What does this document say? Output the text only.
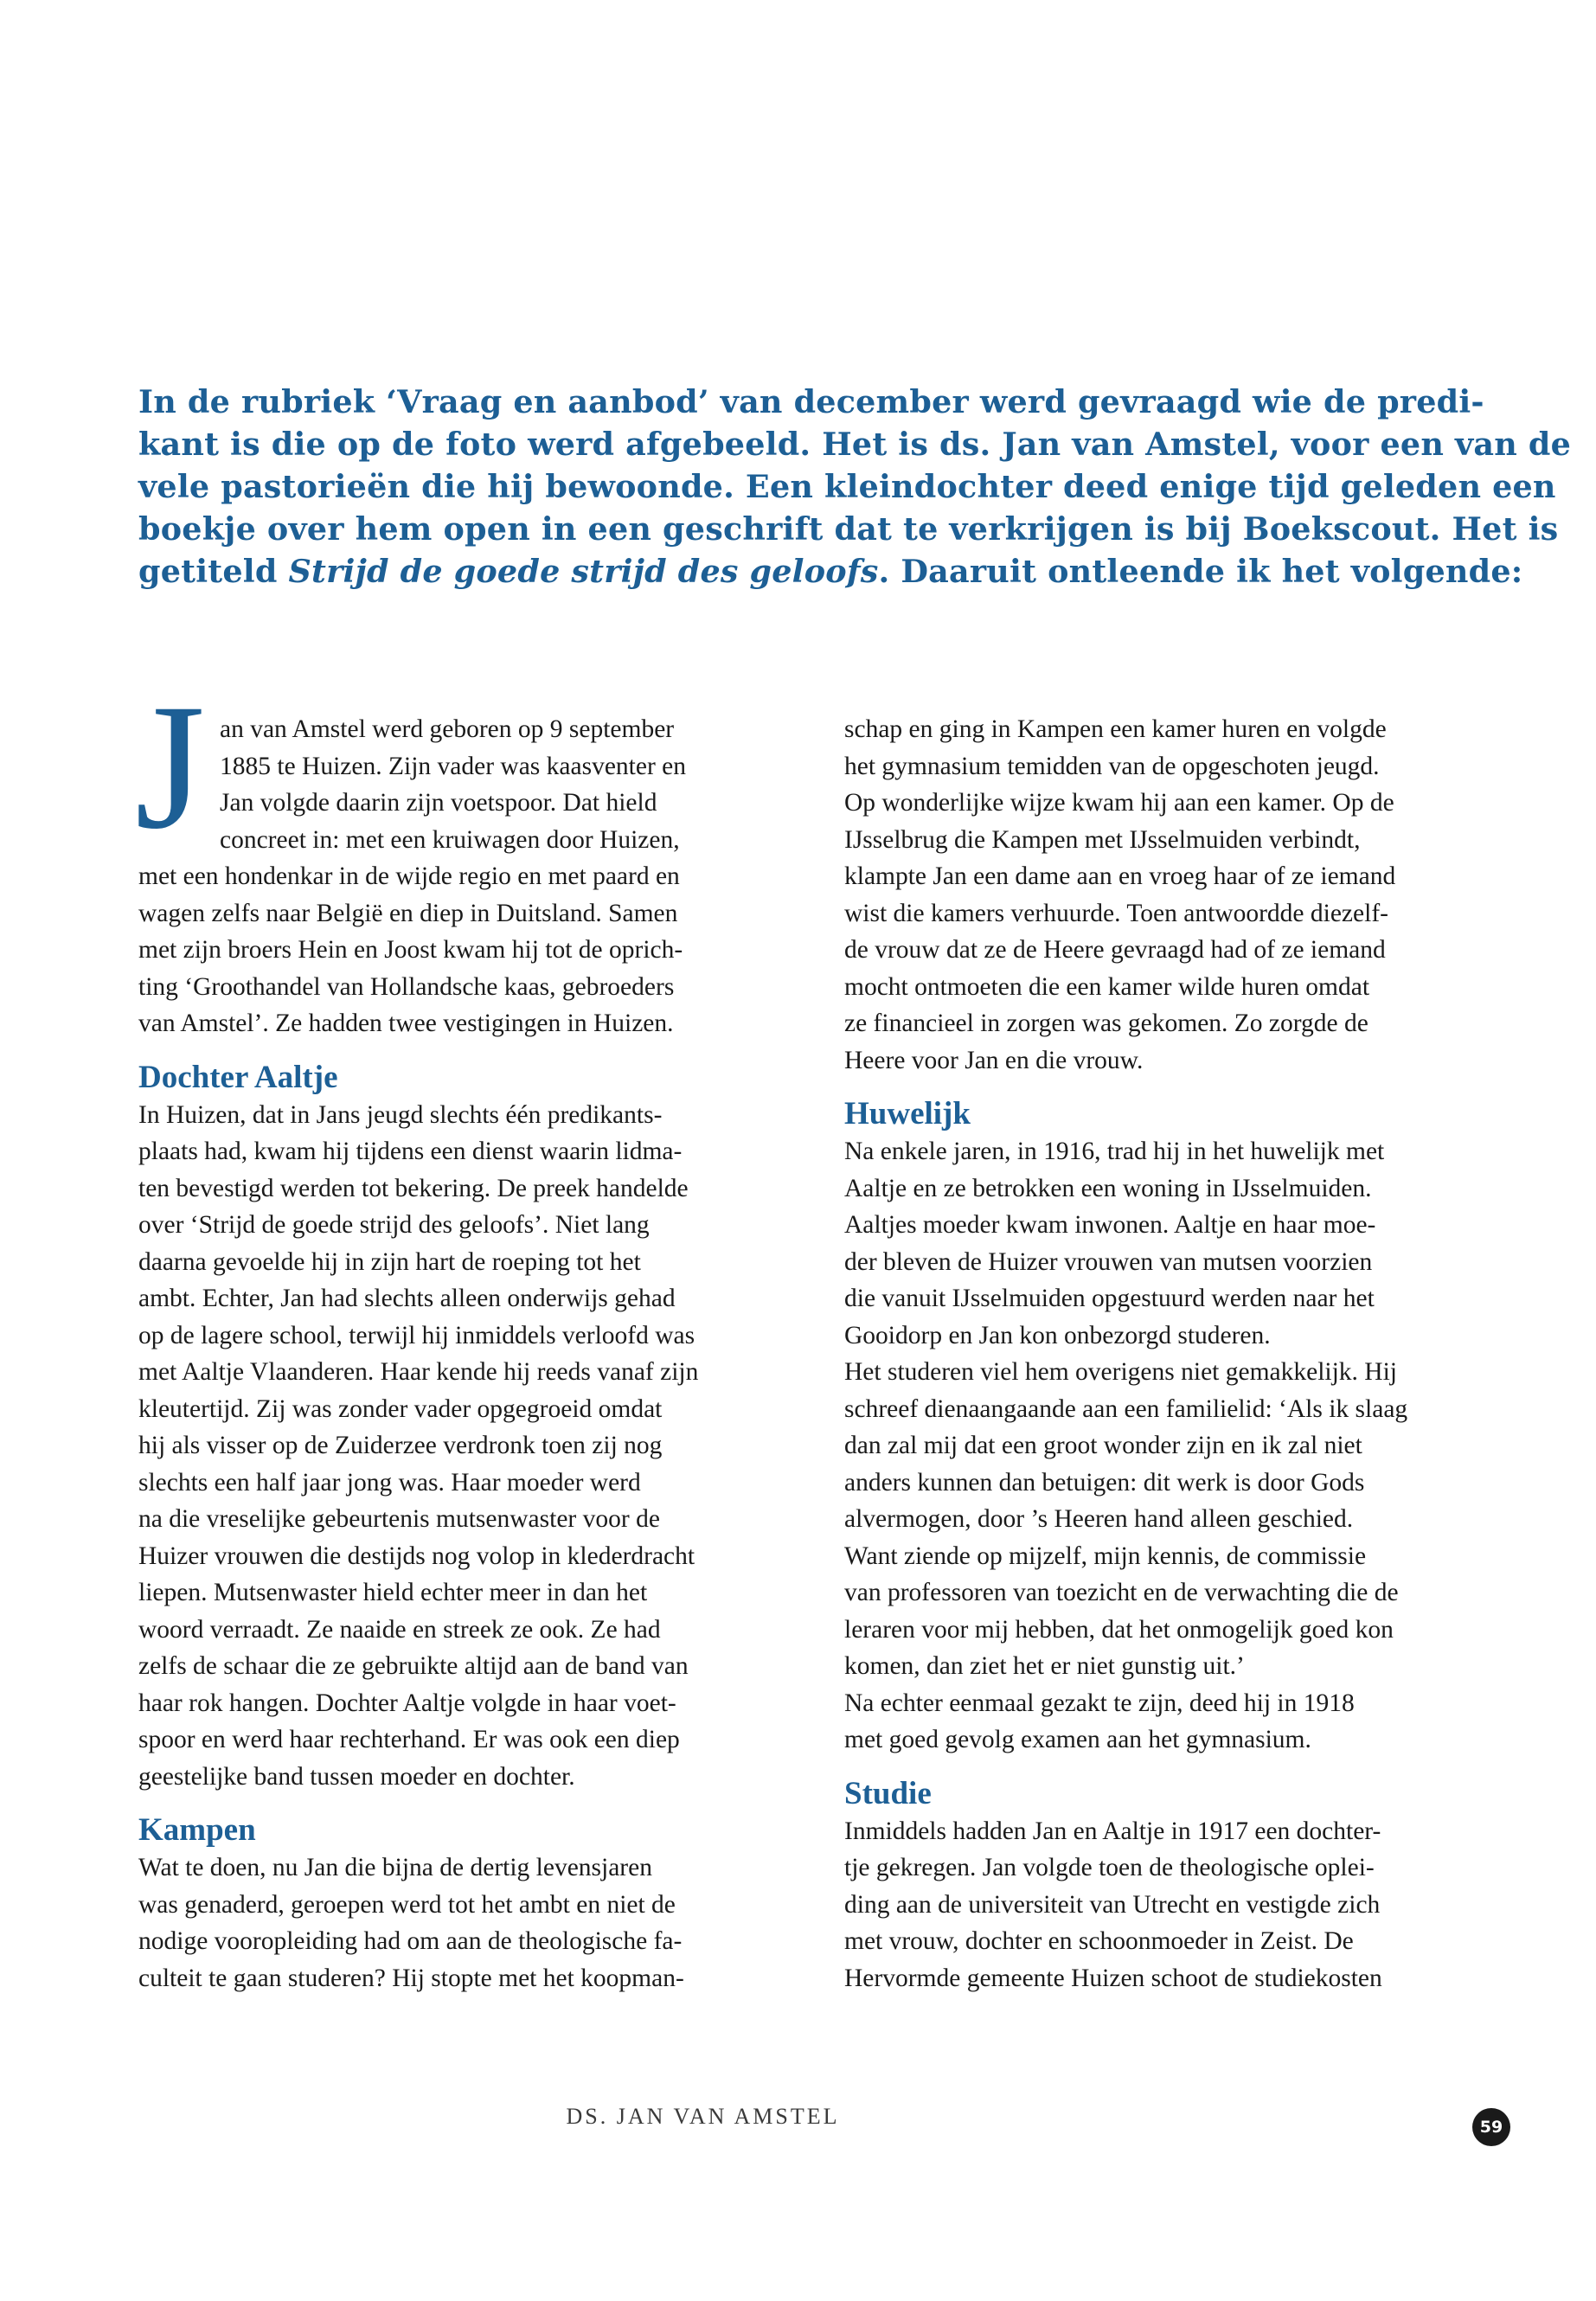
In de rubriek ‘Vraag en aanbod’ van december werd gevraagd wie de predi-
kant is die op de foto werd afgebeeld. Het is ds. Jan van Amstel, voor een van de
vele pastorieën die hij bewoonde. Een kleindochter deed enige tijd geleden een
boekje over hem open in een geschrift dat te verkrijgen is bij Boekscout. Het is
getiteld Strijd de goede strijd des geloofs. Daaruit ontleende ik het volgende:
J an van Amstel werd geboren op 9 september
1885 te Huizen. Zijn vader was kaasventer en
Jan volgde daarin zijn voetspoor. Dat hield
concreet in: met een kruiwagen door Huizen,
met een hondenkar in de wijde regio en met paard en
wagen zelfs naar België en diep in Duitsland. Samen
met zijn broers Hein en Joost kwam hij tot de oprich-
ting ‘Groothandel van Hollandsche kaas, gebroeders
van Amstel’. Ze hadden twee vestigingen in Huizen.
Dochter Aaltje
In Huizen, dat in Jans jeugd slechts één predikants-
plaats had, kwam hij tijdens een dienst waarin lidma-
ten bevestigd werden tot bekering. De preek handelde
over ‘Strijd de goede strijd des geloofs’. Niet lang
daarna gevoelde hij in zijn hart de roeping tot het
ambt. Echter, Jan had slechts alleen onderwijs gehad
op de lagere school, terwijl hij inmiddels verloofd was
met Aaltje Vlaanderen. Haar kende hij reeds vanaf zijn
kleutertijd. Zij was zonder vader opgegroeid omdat
hij als visser op de Zuiderzee verdronk toen zij nog
slechts een half jaar jong was. Haar moeder werd
na die vreselijke gebeurtenis mutsenwaster voor de
Huizer vrouwen die destijds nog volop in klederdracht
liepen. Mutsenwaster hield echter meer in dan het
woord verraadt. Ze naaide en streek ze ook. Ze had
zelfs de schaar die ze gebruikte altijd aan de band van
haar rok hangen. Dochter Aaltje volgde in haar voet-
spoor en werd haar rechterhand. Er was ook een diep
geestelijke band tussen moeder en dochter.
Kampen
Wat te doen, nu Jan die bijna de dertig levensjaren
was genaderd, geroepen werd tot het ambt en niet de
nodige vooropleiding had om aan de theologische fa-
culteit te gaan studeren? Hij stopte met het koopman-
schap en ging in Kampen een kamer huren en volgde
het gymnasium temidden van de opgeschoten jeugd.
Op wonderlijke wijze kwam hij aan een kamer. Op de
IJsselbrug die Kampen met IJsselmuiden verbindt,
klampte Jan een dame aan en vroeg haar of ze iemand
wist die kamers verhuurde. Toen antwoordde diezelf-
de vrouw dat ze de Heere gevraagd had of ze iemand
mocht ontmoeten die een kamer wilde huren omdat
ze financieel in zorgen was gekomen. Zo zorgde de
Heere voor Jan en die vrouw.
Huwelijk
Na enkele jaren, in 1916, trad hij in het huwelijk met
Aaltje en ze betrokken een woning in IJsselmuiden.
Aaltjes moeder kwam inwonen. Aaltje en haar moe-
der bleven de Huizer vrouwen van mutsen voorzien
die vanuit IJsselmuiden opgestuurd werden naar het
Gooidorp en Jan kon onbezorgd studeren.
Het studeren viel hem overigens niet gemakkelijk. Hij
schreef dienaangaande aan een familielid: ‘Als ik slaag
dan zal mij dat een groot wonder zijn en ik zal niet
anders kunnen dan betuigen: dit werk is door Gods
alvermogen, door ’s Heeren hand alleen geschied.
Want ziende op mijzelf, mijn kennis, de commissie
van professoren van toezicht en de verwachting die de
leraren voor mij hebben, dat het onmogelijk goed kon
komen, dan ziet het er niet gunstig uit.’
Na echter eenmaal gezakt te zijn, deed hij in 1918
met goed gevolg examen aan het gymnasium.
Studie
Inmiddels hadden Jan en Aaltje in 1917 een dochter-
tje gekregen. Jan volgde toen de theologische oplei-
ding aan de universiteit van Utrecht en vestigde zich
met vrouw, dochter en schoonmoeder in Zeist. De
Hervormde gemeente Huizen schoot de studiekosten
DS. JAN VAN AMSTEL	59
